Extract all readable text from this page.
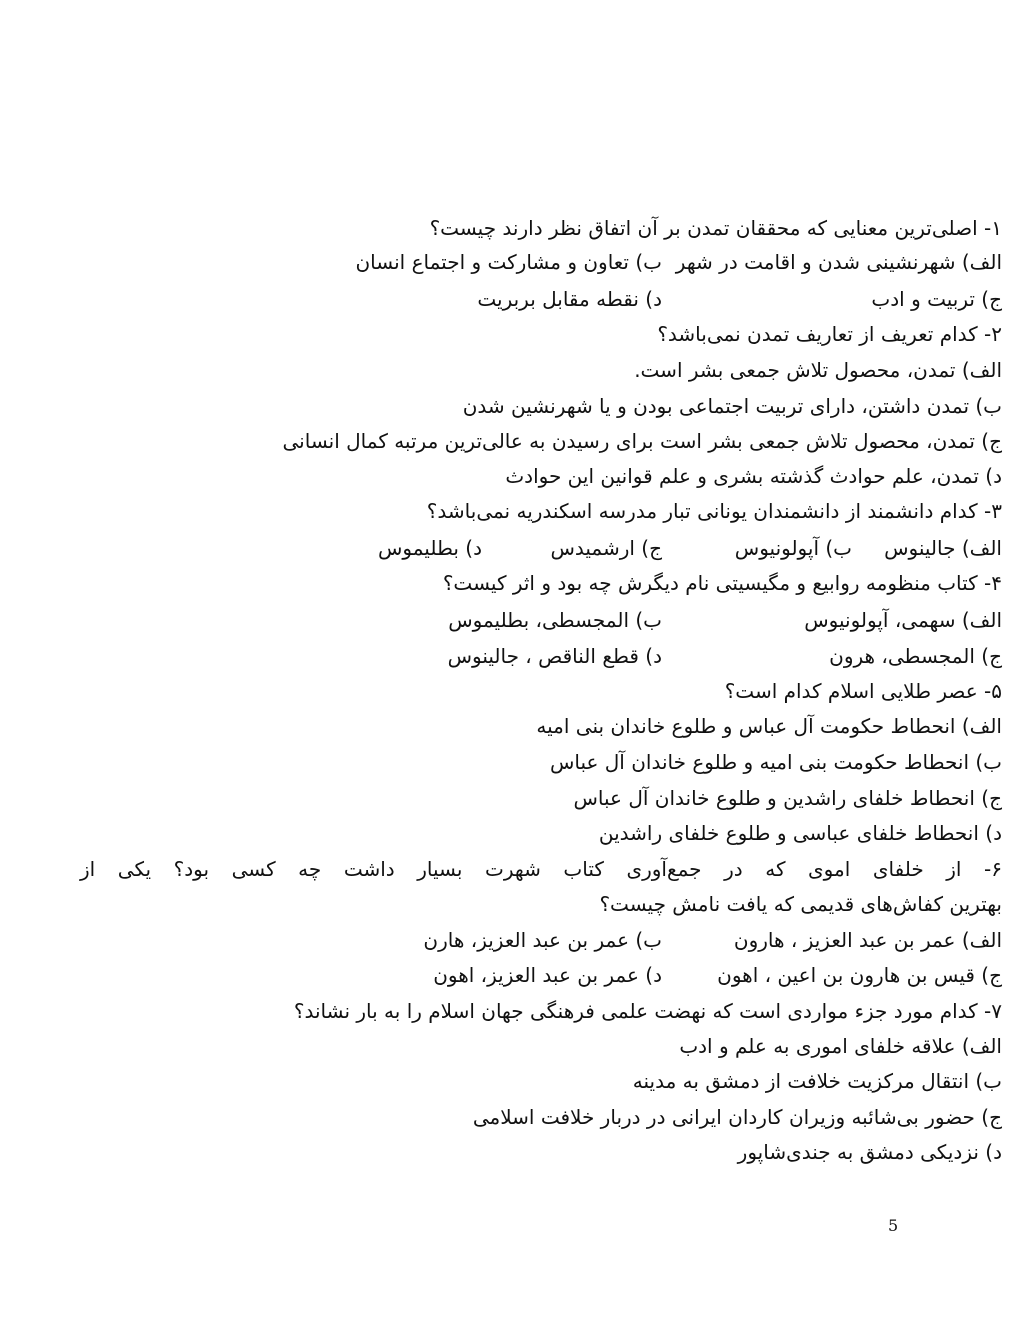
۱- اصلی‌ترین معنایی که محققان تمدن بر آن اتفاق نظر دارند چیست؟
الف) شهرنشینی شدن و اقامت در شهر
ب) تعاون و مشارکت و اجتماع انسان
ج) تربیت و ادب
د) نقطه مقابل بربریت
۲- کدام تعریف از تعاریف تمدن نمی‌باشد؟
الف) تمدن، محصول تلاش جمعی بشر است.
ب) تمدن داشتن، دارای تربیت اجتماعی بودن و یا شهرنشین شدن
ج) تمدن، محصول تلاش جمعی بشر است برای رسیدن به عالی‌ترین مرتبه کمال انسانی
د) تمدن، علم حوادث گذشته بشری و علم قوانین این حوادث
۳- کدام دانشمند از دانشمندان یونانی تبار مدرسه اسکندریه نمی‌باشد؟
الف) جالینوس
ب) آپولونیوس
ج) ارشمیدس
د) بطلیموس
۴- کتاب منظومه روابیع و مگیسیتی نام دیگرش چه بود و اثر کیست؟
الف) سهمی، آپولونیوس
ب) المجسطی، بطلیموس
ج) المجسطی، هرون
د) قطع الناقص ، جالینوس
۵- عصر طلایی اسلام کدام است؟
الف) انحطاط حکومت آل عباس و طلوع خاندان بنی امیه
ب) انحطاط حکومت بنی امیه و طلوع خاندان آل عباس
ج) انحطاط خلفای راشدین و طلوع خاندان آل عباس
د) انحطاط خلفای عباسی و طلوع خلفای راشدین
۶- از خلفای اموی که در جمع‌آوری کتاب شهرت بسیار داشت چه کسی بود؟ یکی از
بهترین کفاش‌های قدیمی که یافت نامش چیست؟
الف) عمر بن عبد العزیز ، هارون
ب) عمر بن عبد العزیز، هارن
ج) قیس بن هارون بن اعین ، اهون
د) عمر بن عبد العزیز، اهون
۷- کدام مورد جزء مواردی است که نهضت علمی فرهنگی جهان اسلام را به بار نشاند؟
الف) علاقه خلفای اموری به علم و ادب
ب) انتقال مرکزیت خلافت از دمشق به مدینه
ج) حضور بی‌شائبه وزیران کاردان ایرانی در دربار خلافت اسلامی
د) نزدیکی دمشق به جندی‌شاپور
5
